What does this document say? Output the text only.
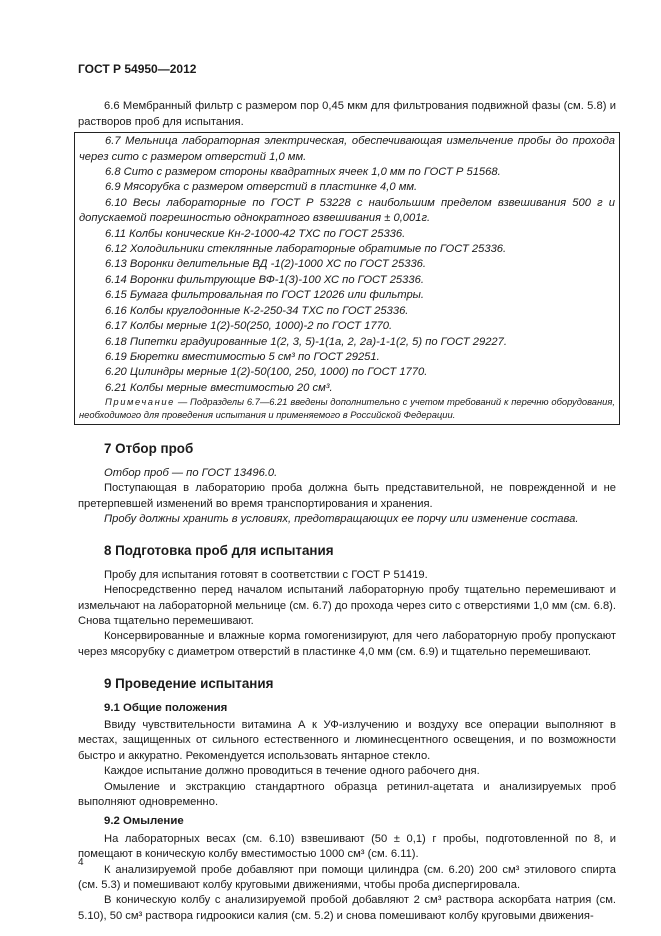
ГОСТ Р 54950—2012

6.6 Мембранный фильтр с размером пор 0,45 мкм для фильтрования подвижной фазы (см. 5.8) и растворов проб для испытания.

6.7 Мельница лабораторная электрическая, обеспечивающая измельчение пробы до прохода через сито с размером отверстий 1,0 мм.

6.8 Сито с размером стороны квадратных ячеек 1,0 мм по ГОСТ Р 51568.

6.9 Мясорубка с размером отверстий в пластинке 4,0 мм.

6.10 Весы лабораторные по ГОСТ Р 53228 с наибольшим пределом взвешивания 500 г и допускаемой погрешностью однократного взвешивания ± 0,001г.

6.11 Колбы конические Кн-2-1000-42 ТХС по ГОСТ 25336.

6.12 Холодильники стеклянные лабораторные обратимые по ГОСТ 25336.

6.13 Воронки делительные ВД -1(2)-1000 ХС по ГОСТ 25336.

6.14 Воронки фильтрующие ВФ-1(3)-100 ХС по ГОСТ 25336.

6.15 Бумага фильтровальная по ГОСТ 12026 или фильтры.

6.16 Колбы круглодонные К-2-250-34 ТХС по ГОСТ 25336.

6.17 Колбы мерные 1(2)-50(250, 1000)-2 по ГОСТ 1770.

6.18 Пипетки градуированные 1(2, 3, 5)-1(1а, 2, 2а)-1-1(2, 5) по ГОСТ 29227.

6.19 Бюретки вместимостью 5 см³ по ГОСТ 29251.

6.20 Цилиндры мерные 1(2)-50(100, 250, 1000) по ГОСТ 1770.

6.21 Колбы мерные вместимостью 20 см³.

Примечание — Подразделы 6.7—6.21 введены дополнительно с учетом требований к перечню оборудования, необходимого для проведения испытания и применяемого в Российской Федерации.

7 Отбор проб

Отбор проб — по ГОСТ 13496.0.

Поступающая в лабораторию проба должна быть представительной, не поврежденной и не претерпевшей изменений во время транспортирования и хранения.

Пробу должны хранить в условиях, предотвращающих ее порчу или изменение состава.

8 Подготовка проб для испытания

Пробу для испытания готовят в соответствии с ГОСТ Р 51419.

Непосредственно перед началом испытаний лабораторную пробу тщательно перемешивают и измельчают на лабораторной мельнице (см. 6.7) до прохода через сито с отверстиями 1,0 мм (см. 6.8). Снова тщательно перемешивают.

Консервированные и влажные корма гомогенизируют, для чего лабораторную пробу пропускают через мясорубку с диаметром отверстий в пластинке 4,0 мм (см. 6.9) и тщательно перемешивают.

9 Проведение испытания
9.1 Общие положения

Ввиду чувствительности витамина А к УФ-излучению и воздуху все операции выполняют в местах, защищенных от сильного естественного и люминесцентного освещения, и по возможности быстро и аккуратно. Рекомендуется использовать янтарное стекло.

Каждое испытание должно проводиться в течение одного рабочего дня.

Омыление и экстракцию стандартного образца ретинил-ацетата и анализируемых проб выполняют одновременно.

9.2 Омыление

На лабораторных весах (см. 6.10) взвешивают (50 ± 0,1) г пробы, подготовленной по 8, и помещают в коническую колбу вместимостью 1000 см³ (см. 6.11).

К анализируемой пробе добавляют при помощи цилиндра (см. 6.20) 200 см³ этилового спирта (см. 5.3) и помешивают колбу круговыми движениями, чтобы проба диспергировала.

В коническую колбу с анализируемой пробой добавляют 2 см³ раствора аскорбата натрия (см. 5.10), 50 см³ раствора гидроокиси калия (см. 5.2) и снова помешивают колбу круговыми движения-

4
